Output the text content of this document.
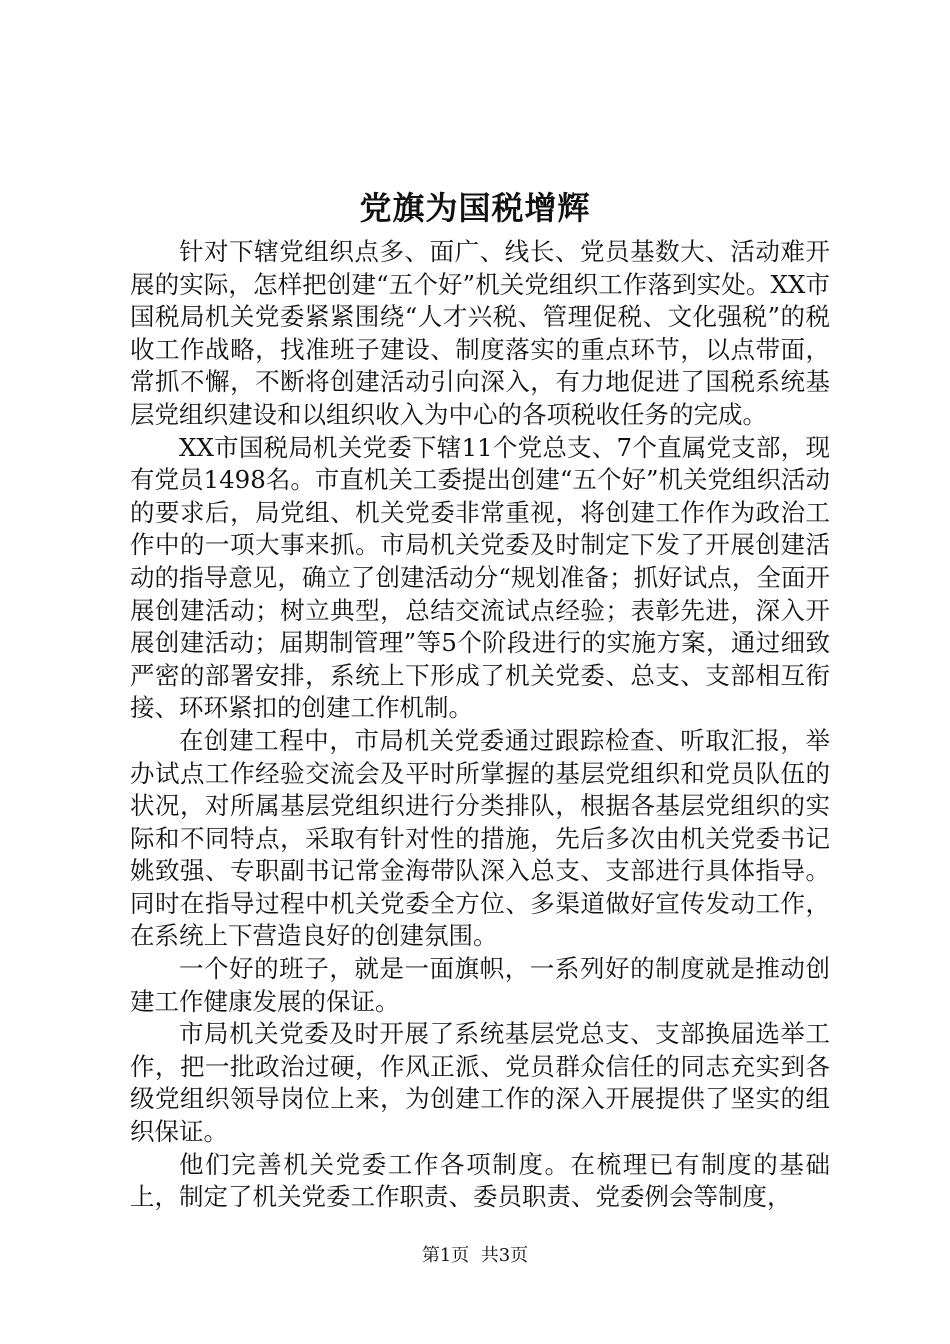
党旗为国税增辉

针对下辖党组织点多、面广、线长、党员基数大、活动难开展的实际，怎样把创建“五个好”机关党组织工作落到实处。XX市国税局机关党委紧紧围绕“人才兴税、管理促税、文化强税”的税收工作战略，找准班子建设、制度落实的重点环节，以点带面，常抓不懈，不断将创建活动引向深入，有力地促进了国税系统基层党组织建设和以组织收入为中心的各项税收任务的完成。

XX市国税局机关党委下辖11个党总支、7个直属党支部，现有党员1498名。市直机关工委提出创建“五个好”机关党组织活动的要求后，局党组、机关党委非常重视，将创建工作作为政治工作中的一项大事来抓。市局机关党委及时制定下发了开展创建活动的指导意见，确立了创建活动分“规划准备；抓好试点，全面开展创建活动；树立典型，总结交流试点经验；表彰先进，深入开展创建活动；届期制管理”等5个阶段进行的实施方案，通过细致严密的部署安排，系统上下形成了机关党委、总支、支部相互衔接、环环紧扣的创建工作机制。

在创建工程中，市局机关党委通过跟踪检查、听取汇报，举办试点工作经验交流会及平时所掌握的基层党组织和党员队伍的状况，对所属基层党组织进行分类排队，根据各基层党组织的实际和不同特点，采取有针对性的措施，先后多次由机关党委书记姚致强、专职副书记常金海带队深入总支、支部进行具体指导。同时在指导过程中机关党委全方位、多渠道做好宣传发动工作，在系统上下营造良好的创建氛围。

一个好的班子，就是一面旗帜，一系列好的制度就是推动创建工作健康发展的保证。

市局机关党委及时开展了系统基层党总支、支部换届选举工作，把一批政治过硬，作风正派、党员群众信任的同志充实到各级党组织领导岗位上来，为创建工作的深入开展提供了坚实的组织保证。

他们完善机关党委工作各项制度。在梳理已有制度的基础上，制定了机关党委工作职责、委员职责、党委例会等制度，

第1页  共3页
